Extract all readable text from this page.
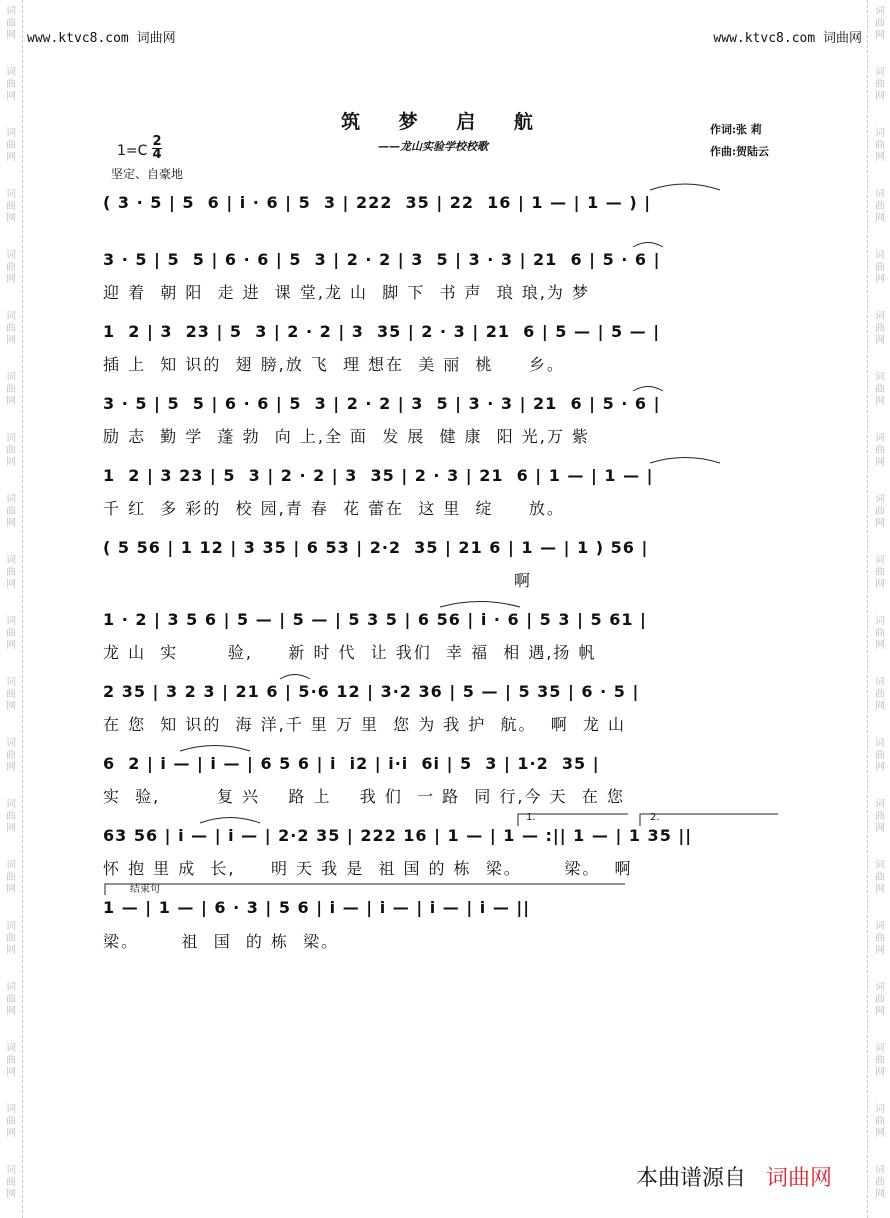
词
曲
网
词
曲
网
词
曲
网
词
曲
网
词
曲
网
词
曲
网
词
曲
网
词
曲
网
词
曲
网
词
曲
网
词
曲
网
词
曲
网
词
曲
网
词
曲
网
词
曲
网
词
曲
网
词
曲
网
词
曲
网
词
曲
网
词
曲
网
词
曲
网
词
曲
网
词
曲
网
词
曲
网
词
曲
网
词
曲
网
词
曲
网
词
曲
网
词
曲
网
词
曲
网
词
曲
网
词
曲
网
词
曲
网
词
曲
网
词
曲
网
词
曲
网
词
曲
网
词
曲
网
词
曲
网
词
曲
网
www.ktvc8.com 词曲网	www.ktvc8.com 词曲网
筑 梦 启 航
——龙山实验学校校歌
作词:张 莉
作曲:贺陆云
1=C
2
4
坚定、自豪地
( 3 · 5 | 5  6 | i · 6 | 5  3 | 222  35 | 22  16 | 1 — | 1 — ) |
3 · 5 | 5  5 | 6 · 6 | 5  3 | 2 · 2 | 3  5 | 3 · 3 | 21  6 | 5 · 6 |
迎 着  朝 阳  走 进  课 堂,龙 山  脚 下  书 声  琅 琅,为 梦
1  2 | 3  23 | 5  3 | 2 · 2 | 3  35 | 2 · 3 | 21  6 | 5 — | 5 — |
插 上  知 识的  翅 膀,放 飞  理 想在  美 丽  桃     乡。
3 · 5 | 5  5 | 6 · 6 | 5  3 | 2 · 2 | 3  5 | 3 · 3 | 21  6 | 5 · 6 |
励 志  勤 学  蓬 勃  向 上,全 面  发 展  健 康  阳 光,万 紫
1  2 | 3 23 | 5  3 | 2 · 2 | 3  35 | 2 · 3 | 21  6 | 1 — | 1 — |
千 红  多 彩的  校 园,青 春  花 蕾在  这 里  绽     放。
( 5 56 | 1 12 | 3 35 | 6 53 | 2·2  35 | 21 6 | 1 — | 1 ) 56 |
啊
1 · 2 | 3 5 6 | 5 — | 5 — | 5 3 5 | 6 56 | i · 6 | 5 3 | 5 61 |
龙 山  实       验,     新 时 代  让 我们  幸 福  相 遇,扬 帆
2 35 | 3 2 3 | 21 6 | 5·6 12 | 3·2 36 | 5 — | 5 35 | 6 · 5 |
在 您  知 识的  海 洋,千 里 万 里  您 为 我 护  航。  啊  龙 山
6  2 | i — | i — | 6 5 6 | i  i2 | i·i  6i | 5  3 | 1·2  35 |
实  验,        复 兴    路 上    我 们  一 路  同 行,今 天  在 您
63 56 | i — | i — | 2·2 35 | 222 16 | 1 — | 1 — :|| 1 — | 1 35 ||
怀 抱 里 成  长,     明 天 我 是  祖 国 的 栋  梁。      梁。  啊
1 — | 1 — | 6 · 3 | 5 6 | i — | i — | i — | i — ||
梁。      祖  国  的 栋  梁。
2.
1.
结束句
本曲谱源自 词曲网
